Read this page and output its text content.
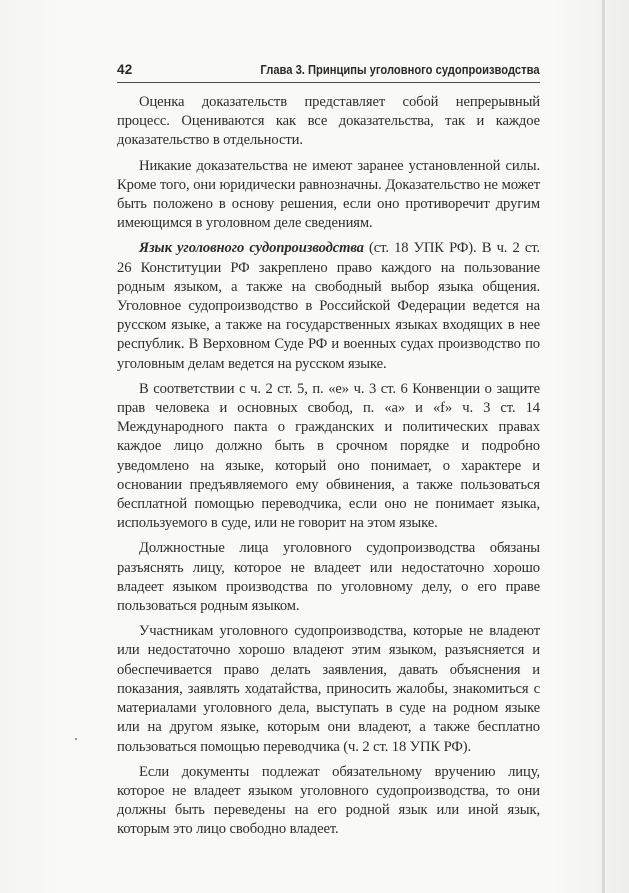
42	Глава 3. Принципы уголовного судопроизводства

Оценка доказательств представляет собой непрерывный процесс. Оцениваются как все доказательства, так и каждое доказательство в отдельности.

Никакие доказательства не имеют заранее установленной силы. Кроме того, они юридически равнозначны. Доказательство не может быть положено в основу решения, если оно противоречит другим имеющимся в уголовном деле сведениям.

Язык уголовного судопроизводства (ст. 18 УПК РФ). В ч. 2 ст. 26 Конституции РФ закреплено право каждого на пользование родным языком, а также на свободный выбор языка общения. Уголовное судопроизводство в Российской Федерации ведется на русском языке, а также на государственных языках входящих в нее республик. В Верховном Суде РФ и военных судах производство по уголовным делам ведется на русском языке.

В соответствии с ч. 2 ст. 5, п. «е» ч. 3 ст. 6 Конвенции о защите прав человека и основных свобод, п. «а» и «f» ч. 3 ст. 14 Международного пакта о гражданских и политических правах каждое лицо должно быть в срочном порядке и подробно уведомлено на языке, который оно понимает, о характере и основании предъявляемого ему обвинения, а также пользоваться бесплатной помощью переводчика, если оно не понимает языка, используемого в суде, или не говорит на этом языке.

Должностные лица уголовного судопроизводства обязаны разъяснять лицу, которое не владеет или недостаточно хорошо владеет языком производства по уголовному делу, о его праве пользоваться родным языком.

Участникам уголовного судопроизводства, которые не владеют или недостаточно хорошо владеют этим языком, разъясняется и обеспечивается право делать заявления, давать объяснения и показания, заявлять ходатайства, приносить жалобы, знакомиться с материалами уголовного дела, выступать в суде на родном языке или на другом языке, которым они владеют, а также бесплатно пользоваться помощью переводчика (ч. 2 ст. 18 УПК РФ).

Если документы подлежат обязательному вручению лицу, которое не владеет языком уголовного судопроизводства, то они должны быть переведены на его родной язык или иной язык, которым это лицо свободно владеет.
